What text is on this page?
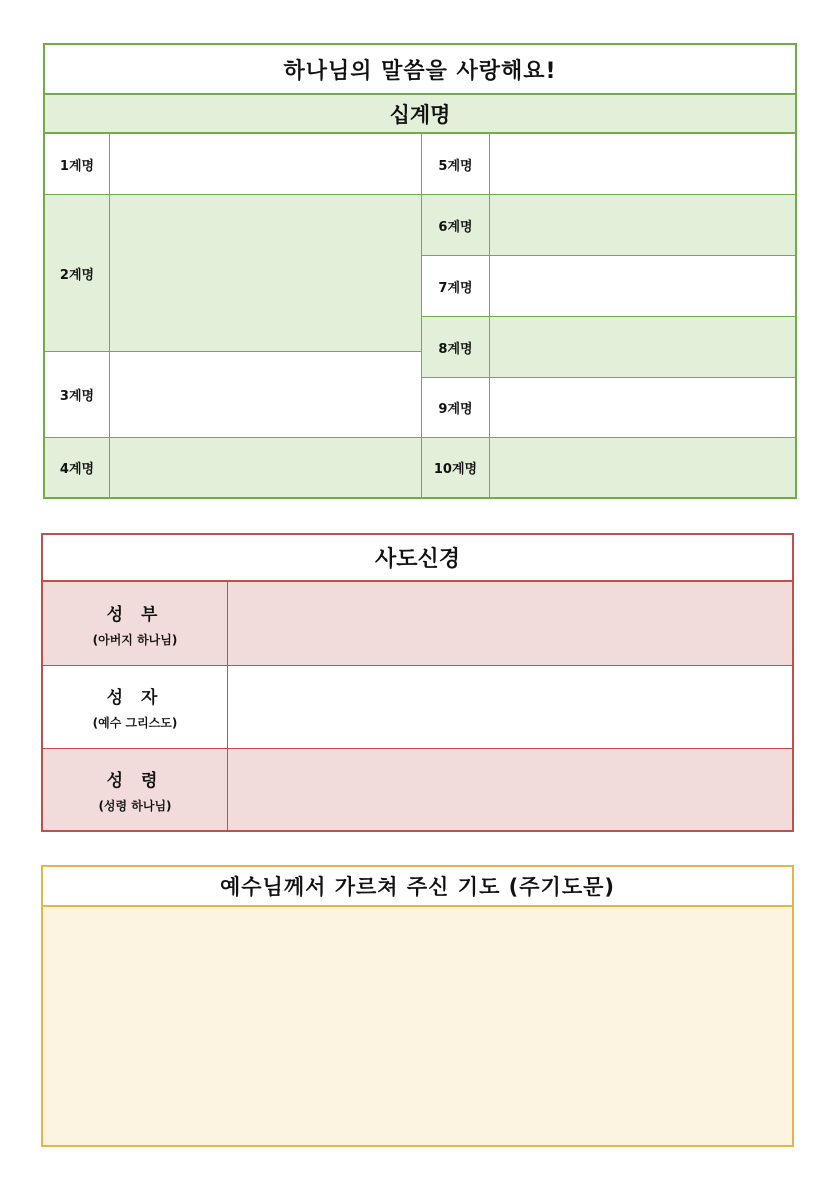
하나님의 말씀을 사랑해요!
십계명
1계명
2계명
3계명
4계명
5계명
6계명
7계명
8계명
9계명
10계명
사도신경
성 부
(아버지 하나님)
성 자
(예수 그리스도)
성 령
(성령 하나님)
예수님께서 가르쳐 주신 기도 (주기도문)
